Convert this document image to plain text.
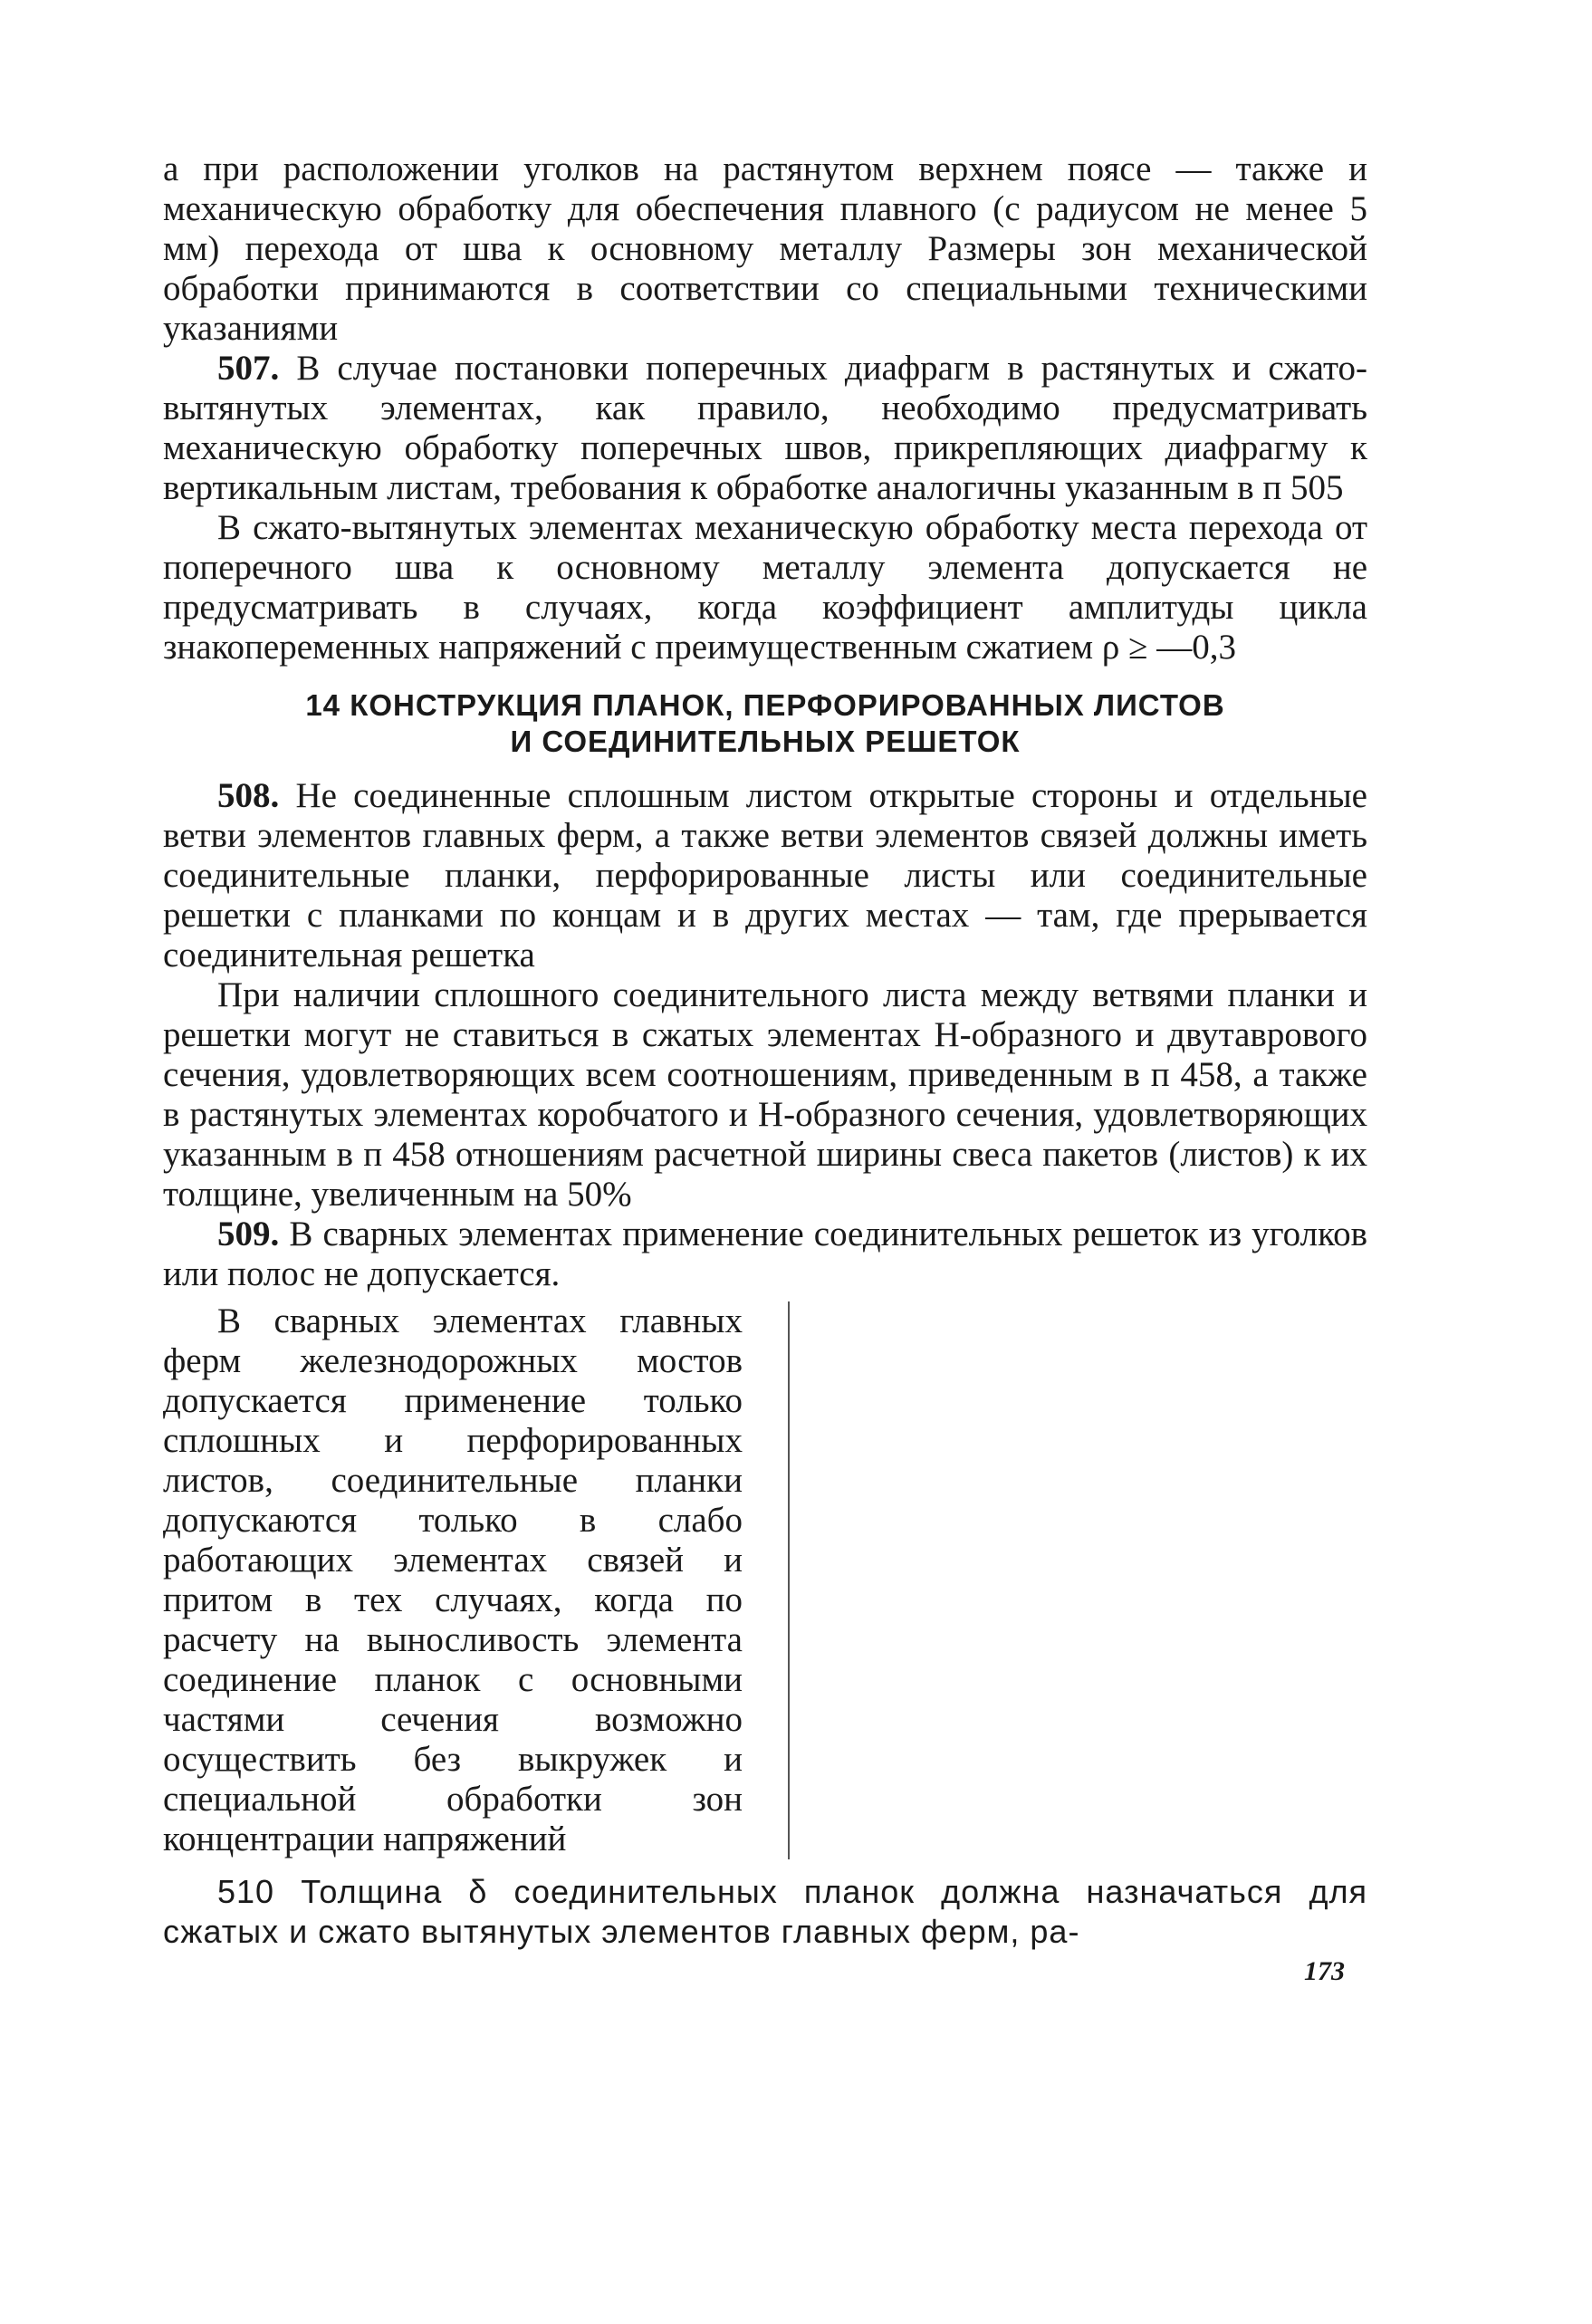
а при расположении уголков на растянутом верхнем поясе — также и механическую обработку для обеспечения плавного (с радиусом не менее 5 мм) перехода от шва к основному металлу Размеры зон механической обработки принимаются в соответствии со специальными техническими указаниями

507. В случае постановки поперечных диафрагм в растянутых и сжато-вытянутых элементах, как правило, необходимо предусматривать механическую обработку поперечных швов, прикрепляющих диафрагму к вертикальным листам, требования к обработке аналогичны указанным в п 505

В сжато-вытянутых элементах механическую обработку места перехода от поперечного шва к основному металлу элемента допускается не предусматривать в случаях, когда коэффициент амплитуды цикла знакопеременных напряжений с преимущественным сжатием ρ ≥ —0,3

14 КОНСТРУКЦИЯ ПЛАНОК, ПЕРФОРИРОВАННЫХ ЛИСТОВ
И СОЕДИНИТЕЛЬНЫХ РЕШЕТОК

508. Не соединенные сплошным листом открытые стороны и отдельные ветви элементов главных ферм, а также ветви элементов связей должны иметь соединительные планки, перфорированные листы или соединительные решетки с планками по концам и в других местах — там, где прерывается соединительная решетка

При наличии сплошного соединительного листа между ветвями планки и решетки могут не ставиться в сжатых элементах Н-образного и двутаврового сечения, удовлетворяющих всем соотношениям, приведенным в п 458, а также в растянутых элементах коробчатого и Н-образного сечения, удовлетворяющих указанным в п 458 отношениям расчетной ширины свеса пакетов (листов) к их толщине, увеличенным на 50%

509. В сварных элементах применение соединительных решеток из уголков или полос не допускается.

В сварных элементах главных ферм железнодорожных мостов допускается применение только сплошных и перфорированных листов, соединительные планки допускаются только в слабо работающих элементах связей и притом в тех случаях, когда по расчету на выносливость элемента соединение планок с основными частями сечения возможно осуществить без выкружек и специальной обработки зон концентрации напряжений

510 Толщина δ соединительных планок должна назначаться для сжатых и сжато вытянутых элементов главных ферм, ра-

173
